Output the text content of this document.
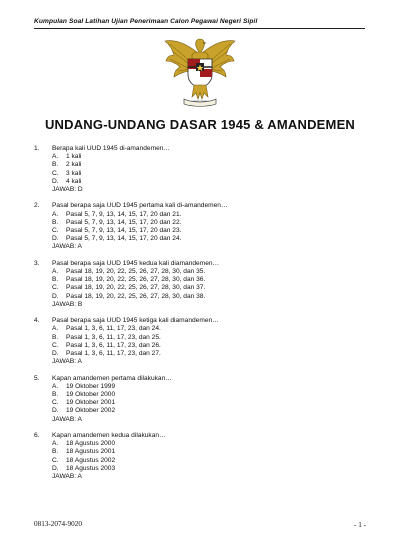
Kumpulan Soal Latihan Ujian Penerimaan Calon Pegawai Negeri Sipil
UNDANG-UNDANG DASAR 1945 & AMANDEMEN
1.	Berapa kali UUD 1945 di-amandemen…
A.	1 kali
B.	2 kali
C.	3 kali
D.	4 kali
JAWAB: D
2.	Pasal berapa saja UUD 1945 pertama kali di-amandemen…
A.	Pasal 5, 7, 9, 13, 14, 15, 17, 20 dan 21.
B.	Pasal 5, 7, 9, 13, 14, 15, 17, 20 dan 22.
C.	Pasal 5, 7, 9, 13, 14, 15, 17, 20 dan 23.
D.	Pasal 5, 7, 9, 13, 14, 15, 17, 20 dan 24.
JAWAB: A
3.	Pasal berapa saja UUD 1945 kedua kali diamandemen…
A.	Pasal 18, 19, 20, 22, 25, 26, 27, 28, 30, dan 35.
B.	Pasal 18, 19, 20, 22, 25, 26, 27, 28, 30, dan 36.
C.	Pasal 18, 19, 20, 22, 25, 26, 27, 28, 30, dan 37.
D.	Pasal 18, 19, 20, 22, 25, 26, 27, 28, 30, dan 38.
JAWAB: B
4.	Pasal berapa saja UUD 1945 ketiga kali diamandemen…
A.	Pasal 1, 3, 6, 11, 17, 23, dan 24.
B.	Pasal 1, 3, 6, 11, 17, 23, dan 25.
C.	Pasal 1, 3, 6, 11, 17, 23, dan 26.
D.	Pasal 1, 3, 6, 11, 17, 23, dan 27.
JAWAB: A
5.	Kapan amandemen pertama dilakukan…
A.	19 Oktober 1999
B.	19 Oktober 2000
C.	19 Oktober 2001
D.	19 Oktober 2002
JAWAB: A
6.	Kapan amandemen kedua dilakukan…
A.	18 Agustus 2000
B.	18 Agustus 2001
C.	18 Agustus 2002
D.	18 Agustus 2003
JAWAB: A
0813-2074-9020	- 1 -
